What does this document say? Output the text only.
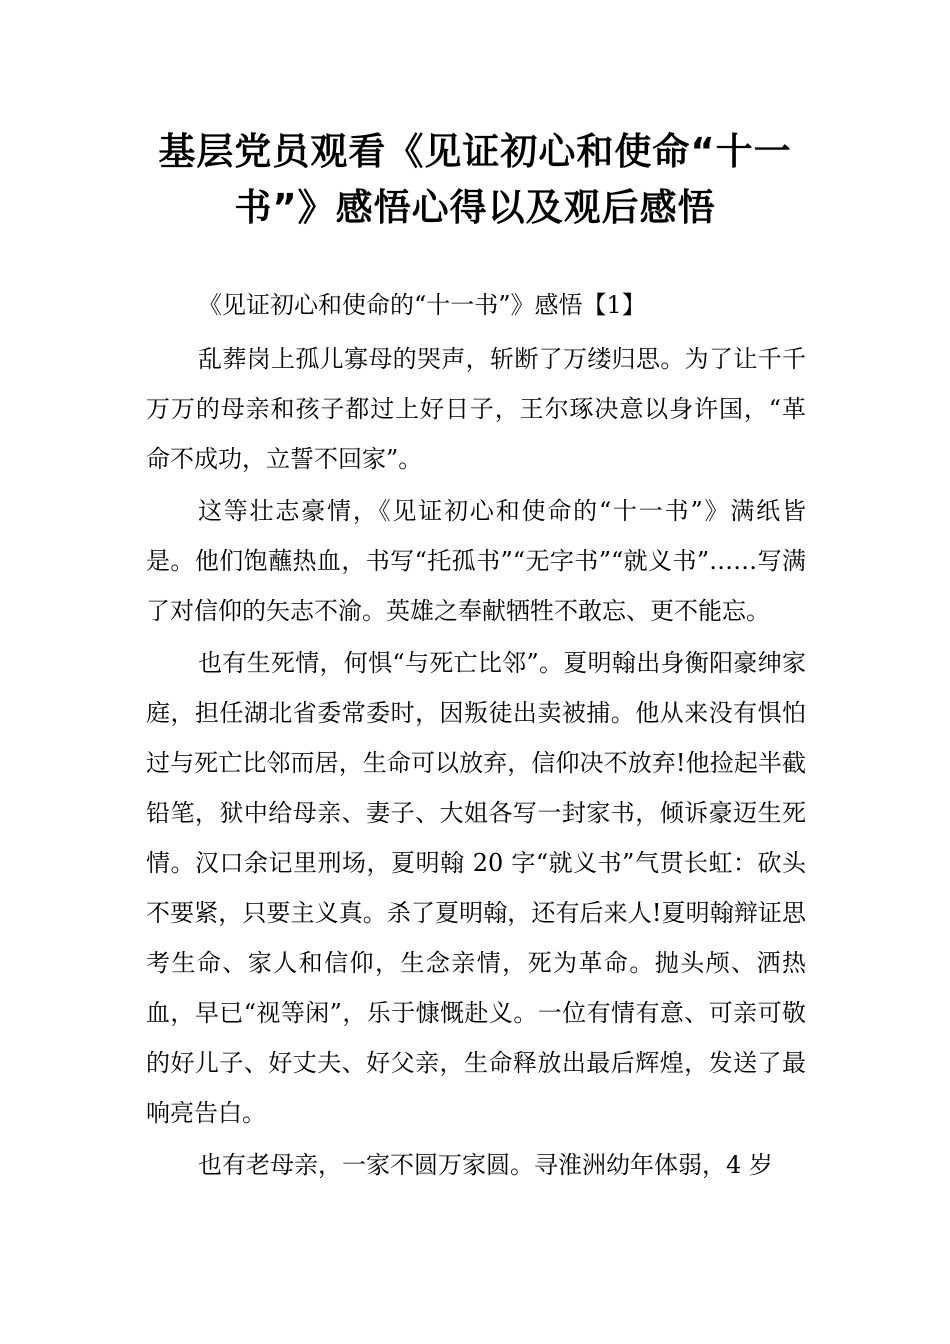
基层党员观看《见证初心和使命“十一
书”》感悟心得以及观后感悟

《见证初心和使命的“十一书”》感悟【1】

乱葬岗上孤儿寡母的哭声，斩断了万缕归思。为了让千千万万的母亲和孩子都过上好日子，王尔琢决意以身许国，“革命不成功，立誓不回家”。

这等壮志豪情，《见证初心和使命的“十一书”》满纸皆是。他们饱蘸热血，书写“托孤书”“无字书”“就义书”……写满了对信仰的矢志不渝。英雄之奉献牺牲不敢忘、更不能忘。

也有生死情，何惧“与死亡比邻”。夏明翰出身衡阳豪绅家庭，担任湖北省委常委时，因叛徒出卖被捕。他从来没有惧怕过与死亡比邻而居，生命可以放弃，信仰决不放弃!他捡起半截铅笔，狱中给母亲、妻子、大姐各写一封家书，倾诉豪迈生死情。汉口余记里刑场，夏明翰 20 字“就义书”气贯长虹：砍头不要紧，只要主义真。杀了夏明翰，还有后来人!夏明翰辩证思考生命、家人和信仰，生念亲情，死为革命。抛头颅、洒热血，早已“视等闲”，乐于慷慨赴义。一位有情有意、可亲可敬的好儿子、好丈夫、好父亲，生命释放出最后辉煌，发送了最响亮告白。

也有老母亲，一家不圆万家圆。寻淮洲幼年体弱，4 岁
